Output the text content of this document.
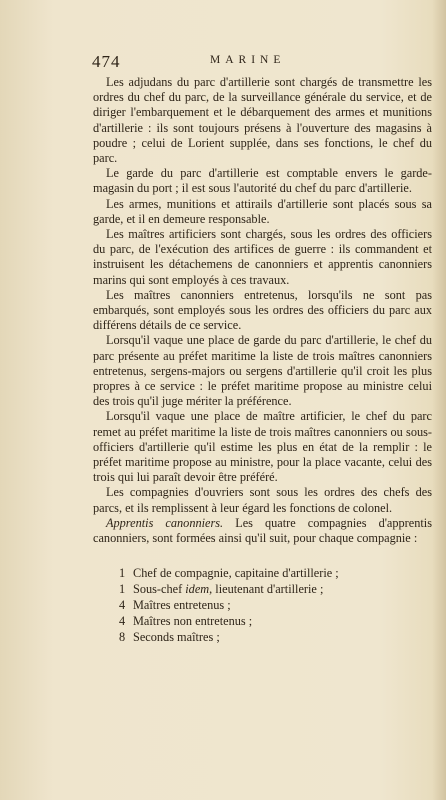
474	MARINE

Les adjudans du parc d'artillerie sont chargés de transmettre les ordres du chef du parc, de la surveillance générale du service, et de diriger l'embarquement et le débarquement des armes et munitions d'artillerie : ils sont toujours présens à l'ouverture des magasins à poudre ; celui de Lorient supplée, dans ses fonctions, le chef du parc.

Le garde du parc d'artillerie est comptable envers le garde-magasin du port ; il est sous l'autorité du chef du parc d'artillerie.

Les armes, munitions et attirails d'artillerie sont placés sous sa garde, et il en demeure responsable.

Les maîtres artificiers sont chargés, sous les ordres des officiers du parc, de l'exécution des artifices de guerre : ils commandent et instruisent les détachemens de canonniers et apprentis canonniers marins qui sont employés à ces travaux.

Les maîtres canonniers entretenus, lorsqu'ils ne sont pas embarqués, sont employés sous les ordres des officiers du parc aux différens détails de ce service.

Lorsqu'il vaque une place de garde du parc d'artillerie, le chef du parc présente au préfet maritime la liste de trois maîtres canonniers entretenus, sergens-majors ou sergens d'artillerie qu'il croit les plus propres à ce service : le préfet maritime propose au ministre celui des trois qu'il juge mériter la préférence.

Lorsqu'il vaque une place de maître artificier, le chef du parc remet au préfet maritime la liste de trois maîtres canonniers ou sous-officiers d'artillerie qu'il estime les plus en état de la remplir : le préfet maritime propose au ministre, pour la place vacante, celui des trois qui lui paraît devoir être préféré.

Les compagnies d'ouvriers sont sous les ordres des chefs des parcs, et ils remplissent à leur égard les fonctions de colonel.

Apprentis canonniers. Les quatre compagnies d'apprentis canonniers, sont formées ainsi qu'il suit, pour chaque compagnie :

1 Chef de compagnie, capitaine d'artillerie ;
1 Sous-chef idem, lieutenant d'artillerie ;
4 Maîtres entretenus ;
4 Maîtres non entretenus ;
8 Seconds maîtres ;
